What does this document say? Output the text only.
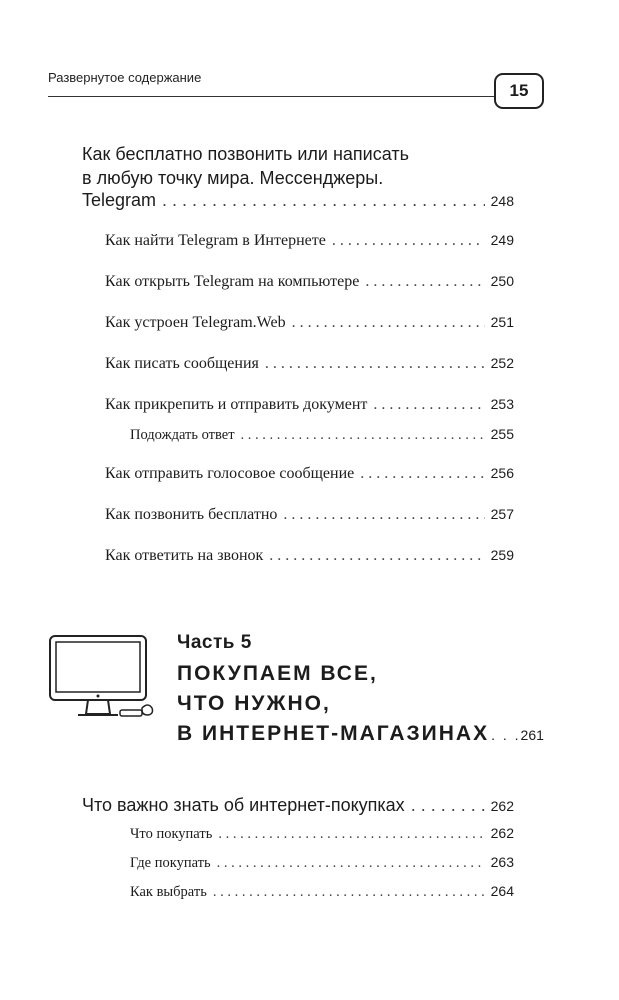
Развернутое содержание
15
Как бесплатно позвонить или написать
в любую точку мира. Мессенджеры.
Telegram . . .	248
Как найти Telegram в Интернете . . .	249
Как открыть Telegram на компьютере . . .	250
Как устроен Telegram.Web . . .	251
Как писать сообщения . . .	252
Как прикрепить и отправить документ . . .	253
Подождать ответ . . .	255
Как отправить голосовое сообщение . . .	256
Как позвонить бесплатно . . .	257
Как ответить на звонок . . .	259
Часть 5
ПОКУПАЕМ ВСЕ,
ЧТО НУЖНО,
В ИНТЕРНЕТ-МАГАЗИНАХ . . . 261
Что важно знать об интернет-покупках . . .	262
Что покупать . . .	262
Где покупать . . .	263
Как выбрать . . .	264
